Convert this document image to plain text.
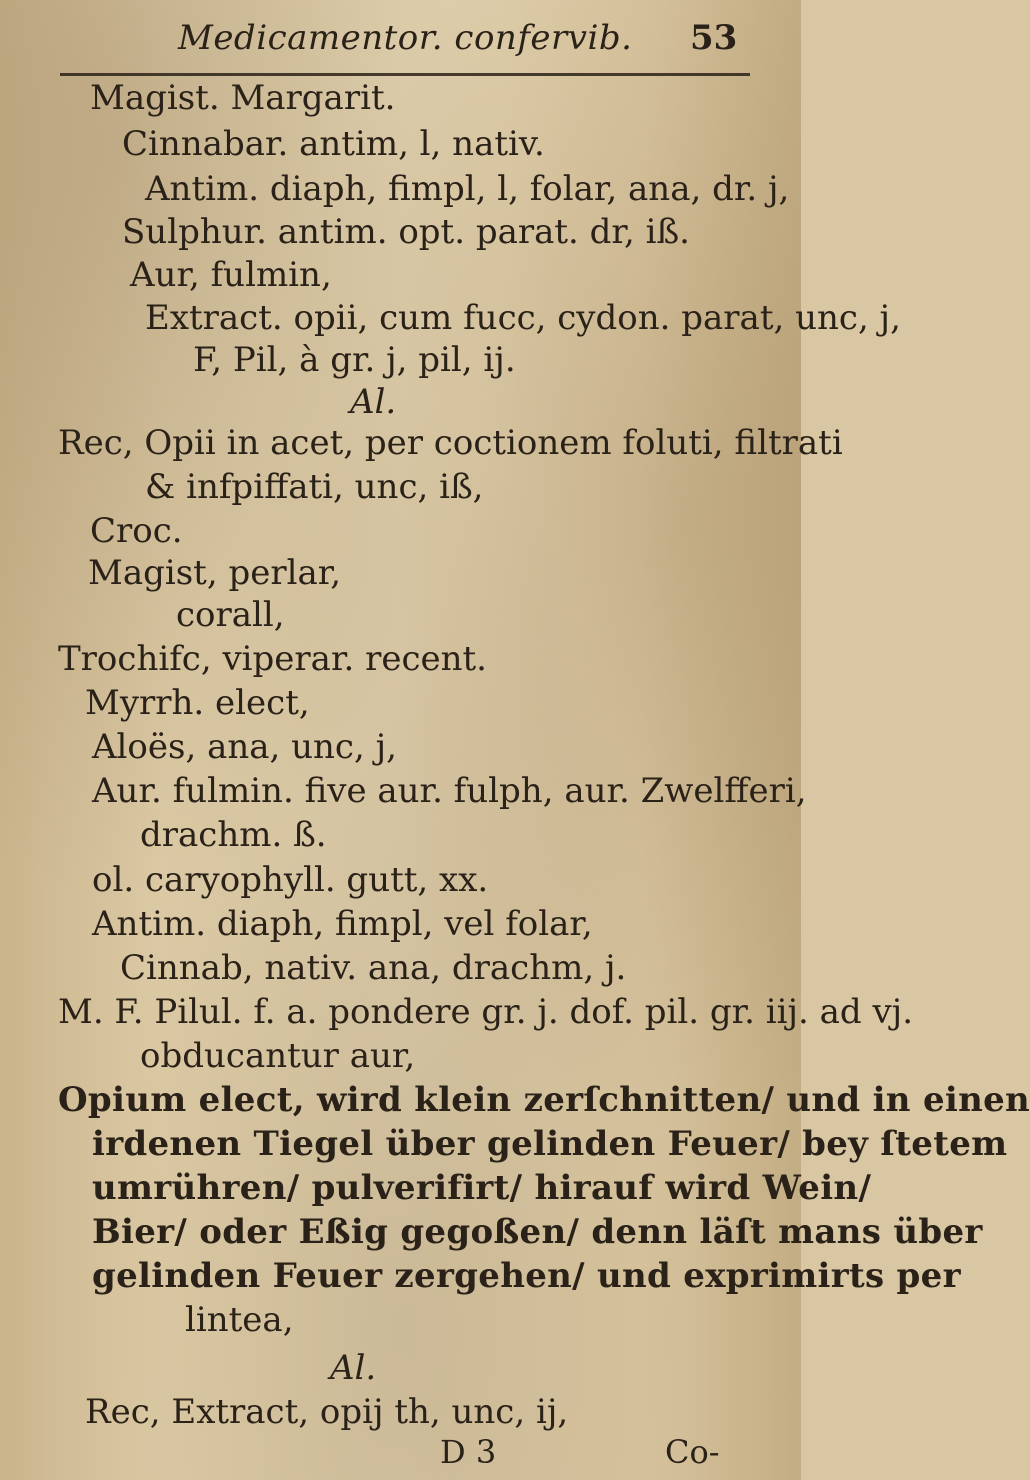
Medicamentor. confervib. 53
Magist. Margarit.
Cinnabar. antim, l, nativ.
Antim. diaph, fimpl, l, folar, ana, dr. j,
Sulphur. antim. opt. parat. dr, iß.
Aur, fulmin,
Extract. opii, cum fucc, cydon. parat, unc, j,
F, Pil, à gr. j, pil, ij.
Al.
Rec, Opii in acet, per coctionem foluti, filtrati
& infpiffati, unc, iß,
Croc.
Magist, perlar,
corall,
Trochifc, viperar. recent.
Myrrh. elect,
Aloës, ana, unc, j,
Aur. fulmin. five aur. fulph, aur. Zwelfferi,
drachm. ß.
ol. caryophyll. gutt, xx.
Antim. diaph, fimpl, vel folar,
Cinnab, nativ. ana, drachm, j.
M. F. Pilul. f. a. pondere gr. j. dof. pil. gr. iij. ad vj.
obducantur aur,
Opium elect, wird klein zerſchnitten/ und in einen
irdenen Tiegel über gelinden Feuer/ bey ſtetem
umrühren/ pulverifirt/ hirauf wird Wein/
Bier/ oder Eßig gegoßen/ denn läſt mans über
gelinden Feuer zergehen/ und exprimirts per
lintea,
Al.
Rec, Extract, opij th, unc, ij,
D 3	Co-
